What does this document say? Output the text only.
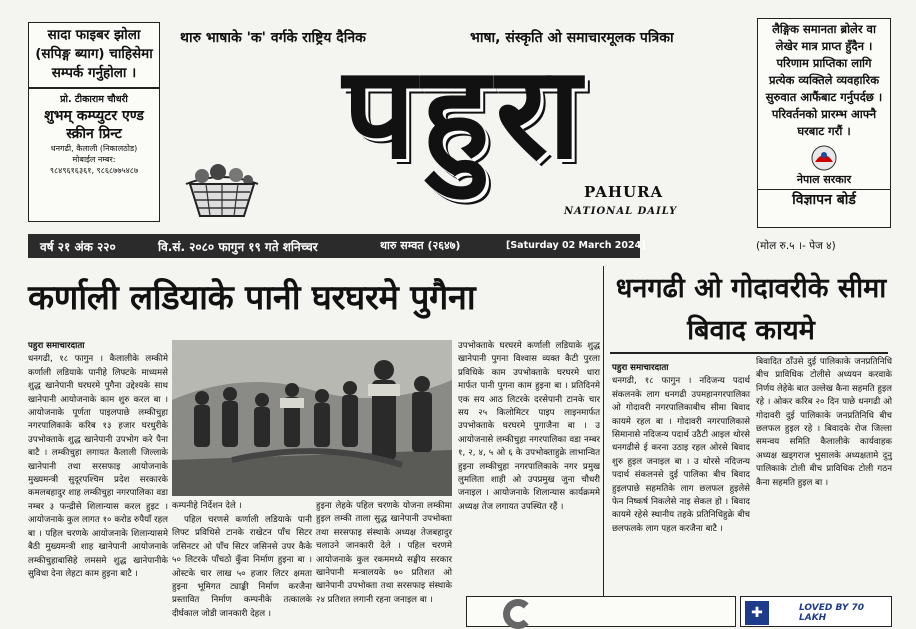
सादा फाइबर झोला (सपिङ्ग ब्याग) चाहिसेमा सम्पर्क गर्नुहोला ।
प्रो. टीकाराम चौधरी
शुभम् कम्प्युटर एण्ड स्क्रीन प्रिन्ट
धनगढी, कैलाली (निकालठोड)
मोबाईल नम्बर:
९८४९६१६३६१, ९८६८७७५४८७
थारु भाषाके 'क' वर्गके राष्ट्रिय दैनिक	भाषा, संस्कृति ओ समाचारमूलक पत्रिका
पहुरा
PAHURA
NATIONAL DAILY
लैङ्गिक समानता ब्रोलेर वा लेखेर मात्र प्राप्त हुँदैन । परिणाम प्राप्तिका लागि प्रत्येक व्यक्तिले व्यवहारिक सुरुवात आफैंबाट गर्नुपर्दछ । परिवर्तनको प्रारम्भ आफ्नै घरबाट गरौं ।
नेपाल सरकार
विज्ञापन बोर्ड
वर्ष २१ अंक २२०	वि.सं. २०८० फागुन १९ गते शनिच्चर	थारु सम्वत (२६४७)	[Saturday 02 March 2024]	(मोल रु.५ ।- पेज ४)
कर्णाली लडियाके पानी घरघरमे पुगैना	धनगढी ओ गोदावरीके सीमा बिवाद कायमे
पहुरा समाचारदाता
धनगढी, १८ फागुन । कैलालीके लम्कीमे कर्णाली लडियाके पानीहे लिफ्टके माध्यमसे शुद्ध खानेपानी घरघरमे पुगैना उद्देश्यके साथ खानेपानी आयोजनाके काम शुरु करल बा । आयोजनाके पूर्णता पाइलपाछे लम्कीचुहा नगरपालिकाके करिब १३ हजार घरधुरीके उपभोक्ताके शुद्ध खानेपानी उपभोग करे पैना बाटै । लम्कीचुहा लगायत कैलाली जिल्लाके खानेपानी तथा सरसफाइ आयोजनाके मुख्यमन्त्री सुदूरपश्चिम प्रदेश सरकारके कमलबहादुर शाह लम्कीचुहा नगरपालिका वडा नम्बर ३ फन्द्रीसे शिलान्यास करल हुइट । आयोजनाके कुल लागत १० करोड रुपैयाँ रहल बा । पहिल चरणके आयोजनाके शिलान्यासमे बैठी मुख्यमन्त्री शाह खानेपानी आयोजनाके लम्कीचुहाबासिहे लमसमे शुद्ध खानेपानीके सुविधा देना लेहटा काम हुइना बाटै ।
कम्पनीहे निर्देशन देले ।
पहिल चरणसे कर्णाली लडियाके पानी लिफ्ट प्रविधिसे टानके राखेटन पाँच सिटर जसिनटर ओ पाँच सिटर जसिनसे उपर कैके ५० लिटरके पाँचठो कुँवा निर्माण हुइना बा । ओस्टके चार लाख ५० हजार लिटर क्षमता हुइना भूमिगत ट्याङ्की निर्माण करजैना प्रस्तावित निर्माण कम्पनीके तत्कालके दीर्घकाल जोडी जानकारी देहल ।
हुइना लेहके पहिल चरणके योजना लम्कीमा हुइल लम्की ताला सुद्ध खानेपानी उपभोक्ता तथा सरसफाइ संस्थाके अध्यक्ष तेजबहादुर चलाउने जानकारी देले । पहिल चरणमे आयोजनाके कुल रकममध्ये सङ्घीय सरकार खानेपानी मन्त्रालयके ७० प्रतिशत ओ खानेपानी उपभोक्ता तथा सरसफाइ संस्थाके २४ प्रतिशत लगानी रहना जनाइल बा ।
उपभोक्ताके घरघरमे कर्णाली लडियाके शुद्ध खानेपानी पुगना विश्वास व्यक्त कैटी पुरला प्रविधिके काम उपभोक्ताके घरघरमे धारा मार्फत पानी पुगना काम हुइना बा । प्रतिदिनमे एक सय आठ लिटरके दरसेपानी टानके चार सय २५ किलोमिटर पाइप लाइनमार्फत उपभोक्ताके घरघरमे पुगाजैना बा । उ आयोजनासे लम्कीचुहा नगरपालिका वडा नम्बर १, २, ४, ५ ओ ६ के उपभोक्ताहुक्रे लाभान्वित हुइना लम्कीचुहा नगरपालिकाके नगर प्रमुख लुमलिता शाही ओ उपप्रमुख जुना चौधरी जनाइल । आयोजनाके शिलान्यास कार्यक्रममे अध्यक्ष तेज लगायत उपस्थित रहैं ।
पहुरा समाचारदाता
धनगढी, १८ फागुन । नदिजन्य पदार्थ संकलनके लाग धनगढी उपमहानगरपालिका ओ गोदावरी नगरपालिकाबीच सीमा बिवाद कायमे रहल बा । गोदावरी नगरपालिकासे सिमानासे नदिजन्य पदार्थ उठैटी आइल थोरसे धनगढीसे ई करना उठाइ रहल ओरसे बिवाद शुरु हुइल जनाइल बा । उ थोरसे नदिजन्य पदार्थ संकलनसे दुई पालिका बीच बिवाद हुइलपाछे सहमतिके लाग छलफल हुइलेसे फेन निष्कर्ष निकलेसे नाइ सेकल हो । बिवाद कायमे रहेसे स्थानीय तहके प्रतिनिधिहुक्रे बीच छलफलके लाग पहल करजैना बाटै ।
बिवादित ठाँउसे दुई पालिकाके जनप्रतिनिधि बीच प्राविधिक टोलीसे अध्ययन करवाके निर्णय लेहेके बात उल्लेख कैना सहमति हुइल रहे । ओकर करिब २० दिन पाछे धनगढी ओ गोदावरी दुई पालिकाके जनप्रतिनिधि बीच छलफल हुइल रहे । बिवादके रोज जिल्ला समन्वय समिति कैलालीके कार्यवाहक अध्यक्ष खड्गराज भुसालके अध्यक्षतामे दुनु पालिकाके टोली बीच प्राविधिक टोली गठन कैना सहमति हुइल बा ।
✚	LOVED BY 70 LAKH
